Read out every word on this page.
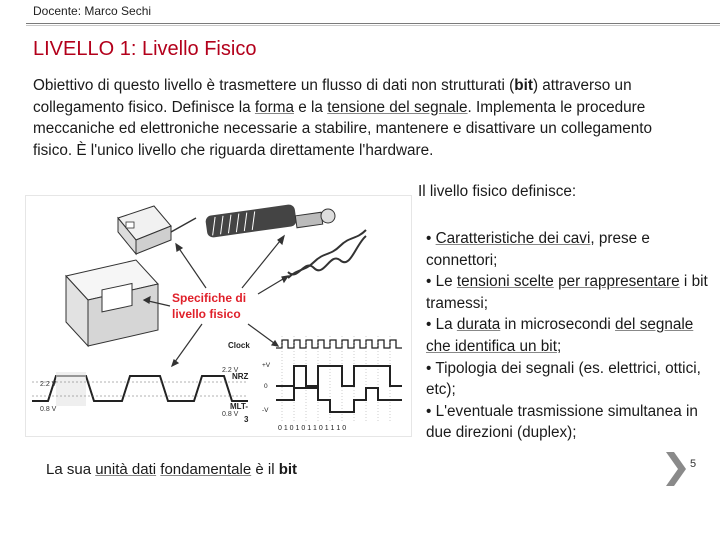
Docente: Marco Sechi
LIVELLO 1: Livello Fisico
Obiettivo di questo livello è trasmettere un flusso di dati non strutturati (bit) attraverso un collegamento fisico. Definisce la forma e la tensione del segnale. Implementa le procedure meccaniche ed elettroniche necessarie a stabilire, mantenere e disattivare un collegamento fisico. È l'unico livello che riguarda direttamente l'hardware.
Specifiche di
livello fisico
2.2 V
0.8 V
2.2 V
0.8 V
Clock
NRZ
MLT-
3
+V
0
-V
0 1 0 1 0 1 1 0 1 1 1 0
Il livello fisico definisce:
• Caratteristiche dei cavi, prese e connettori;
• Le tensioni scelte per rappresentare i bit tramessi;
• La durata in microsecondi del segnale che identifica un bit;
• Tipologia dei segnali (es. elettrici, ottici, etc);
• L'eventuale trasmissione simultanea in due direzioni (duplex);
La sua unità dati fondamentale è il bit	5
